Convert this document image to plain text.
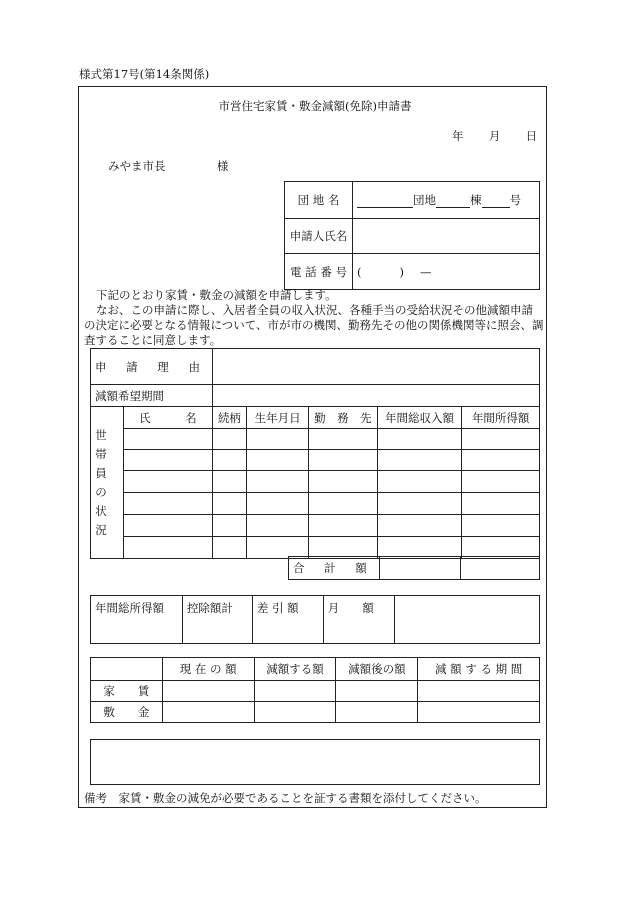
様式第17号(第14条関係)
市営住宅家賃・敷金減額(免除)申請書
年 月 日
みやま市長	様
団 地 名	団地 棟 号
申請人氏名	
電 話 番 号	( ) —
下記のとおり家賃・敷金の減額を申請します。
なお、この申請に際し、入居者全員の収入状況、各種手当の受給状況その他減額申請の決定に必要となる情報について、市が市の機関、勤務先その他の関係機関等に照会、調査することに同意します。
申 請 理 由						
減額希望期間						

世帯員の状況	氏　　　名	続柄	生年月日	勤　務　先	年間総収入額	年間所得額

合 計 額		
年間総所得額	控除額計	差 引 額	月　　額	
	現 在 の 額	減額する額	減額後の額	減 額 す る 期 間
家　　賃				
敷　　金				
備考　家賃・敷金の減免が必要であることを証する書類を添付してください。
